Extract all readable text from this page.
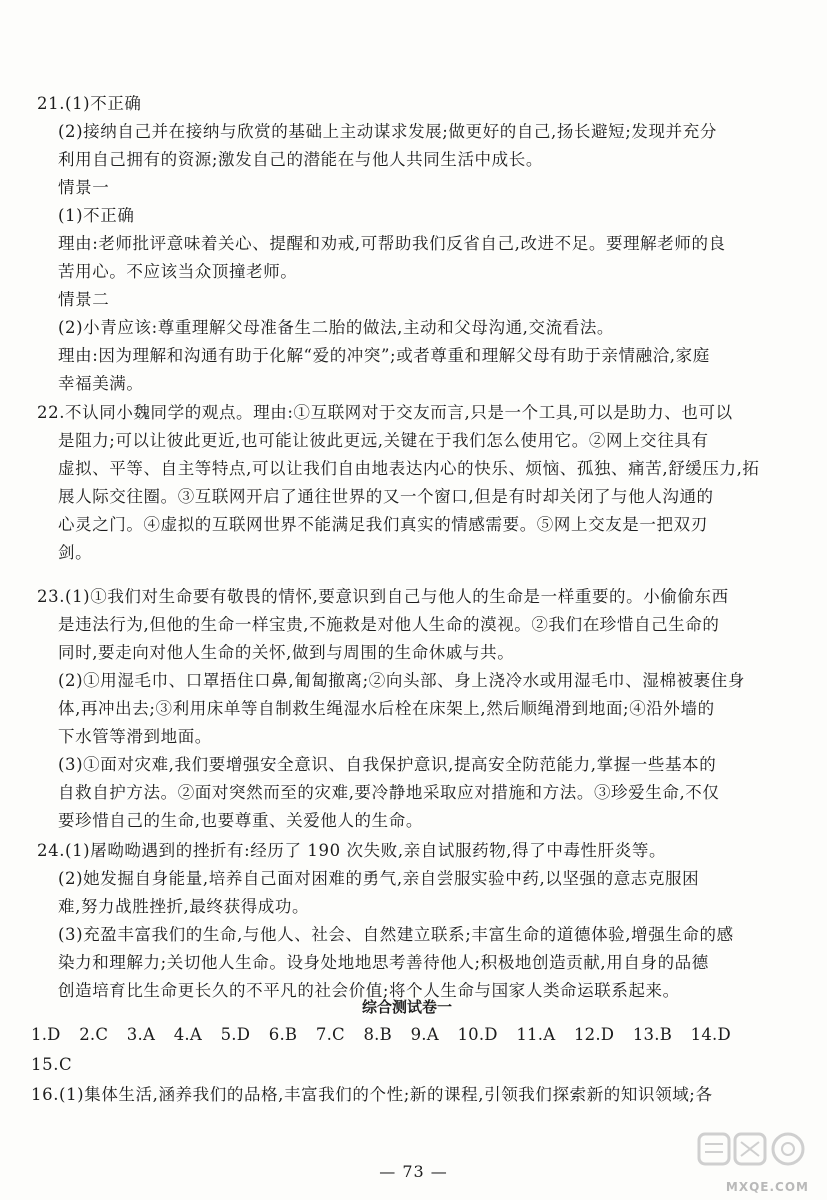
21.(1)不正确
(2)接纳自己并在接纳与欣赏的基础上主动谋求发展;做更好的自己,扬长避短;发现并充分
利用自己拥有的资源;激发自己的潜能在与他人共同生活中成长。
情景一
(1)不正确
理由:老师批评意味着关心、提醒和劝戒,可帮助我们反省自己,改进不足。要理解老师的良
苦用心。不应该当众顶撞老师。
情景二
(2)小青应该:尊重理解父母准备生二胎的做法,主动和父母沟通,交流看法。
理由:因为理解和沟通有助于化解“爱的冲突”;或者尊重和理解父母有助于亲情融洽,家庭
幸福美满。
22.不认同小魏同学的观点。理由:①互联网对于交友而言,只是一个工具,可以是助力、也可以
是阻力;可以让彼此更近,也可能让彼此更远,关键在于我们怎么使用它。②网上交往具有
虚拟、平等、自主等特点,可以让我们自由地表达内心的快乐、烦恼、孤独、痛苦,舒缓压力,拓
展人际交往圈。③互联网开启了通往世界的又一个窗口,但是有时却关闭了与他人沟通的
心灵之门。④虚拟的互联网世界不能满足我们真实的情感需要。⑤网上交友是一把双刃
剑。
23.(1)①我们对生命要有敬畏的情怀,要意识到自己与他人的生命是一样重要的。小偷偷东西
是违法行为,但他的生命一样宝贵,不施救是对他人生命的漠视。②我们在珍惜自己生命的
同时,要走向对他人生命的关怀,做到与周围的生命休戚与共。
(2)①用湿毛巾、口罩捂住口鼻,匍匐撤离;②向头部、身上浇冷水或用湿毛巾、湿棉被裹住身
体,再冲出去;③利用床单等自制救生绳湿水后栓在床架上,然后顺绳滑到地面;④沿外墙的
下水管等滑到地面。
(3)①面对灾难,我们要增强安全意识、自我保护意识,提高安全防范能力,掌握一些基本的
自救自护方法。②面对突然而至的灾难,要冷静地采取应对措施和方法。③珍爱生命,不仅
要珍惜自己的生命,也要尊重、关爱他人的生命。
24.(1)屠呦呦遇到的挫折有:经历了 190 次失败,亲自试服药物,得了中毒性肝炎等。
(2)她发掘自身能量,培养自己面对困难的勇气,亲自尝服实验中药,以坚强的意志克服困
难,努力战胜挫折,最终获得成功。
(3)充盈丰富我们的生命,与他人、社会、自然建立联系;丰富生命的道德体验,增强生命的感
染力和理解力;关切他人生命。设身处地地思考善待他人;积极地创造贡献,用自身的品德
创造培育比生命更长久的不平凡的社会价值;将个人生命与国家人类命运联系起来。
综合测试卷一
1.D 2.C 3.A 4.A 5.D 6.B 7.C 8.B 9.A 10.D 11.A 12.D 13.B 14.D
15.C
16.(1)集体生活,涵养我们的品格,丰富我们的个性;新的课程,引领我们探索新的知识领域;各
— 73 —
MXQE.COM
